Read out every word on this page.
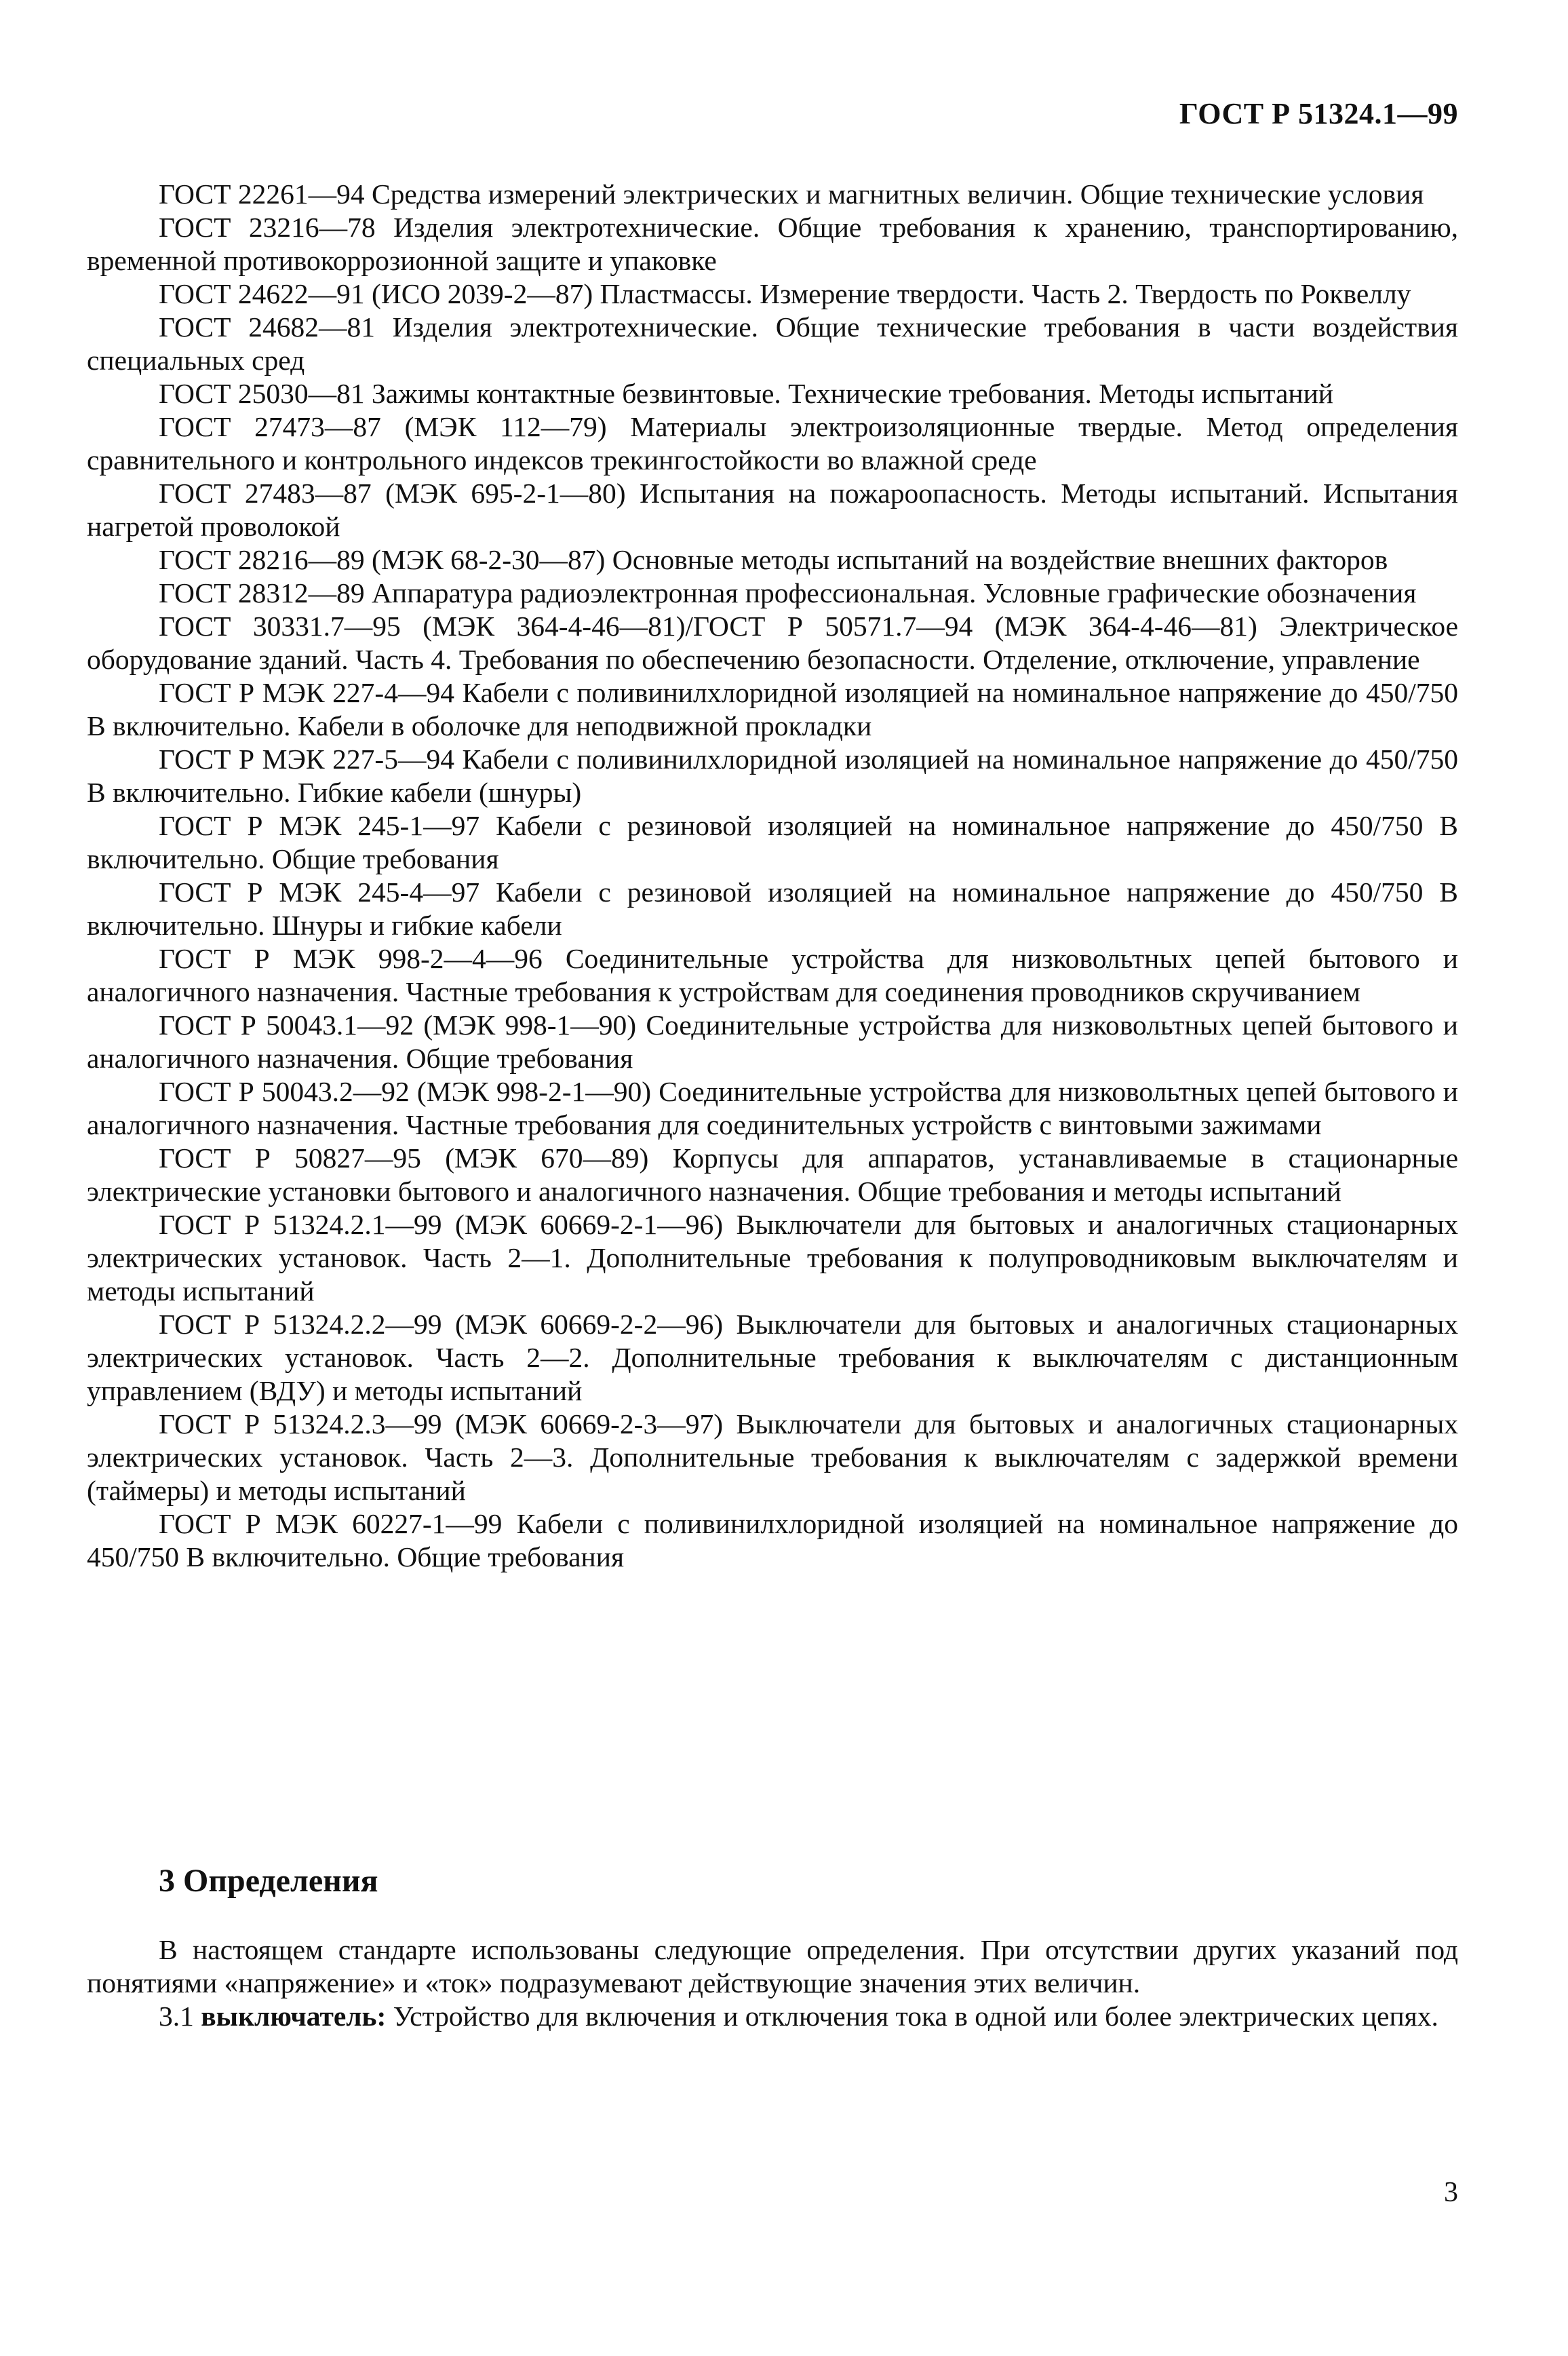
ГОСТ Р 51324.1—99

ГОСТ 22261—94 Средства измерений электрических и магнитных величин. Общие технические условия

ГОСТ 23216—78 Изделия электротехнические. Общие требования к хранению, транспортированию, временной противокоррозионной защите и упаковке

ГОСТ 24622—91 (ИСО 2039-2—87) Пластмассы. Измерение твердости. Часть 2. Твердость по Роквеллу

ГОСТ 24682—81 Изделия электротехнические. Общие технические требования в части воздействия специальных сред

ГОСТ 25030—81 Зажимы контактные безвинтовые. Технические требования. Методы испытаний

ГОСТ 27473—87 (МЭК 112—79) Материалы электроизоляционные твердые. Метод определения сравнительного и контрольного индексов трекингостойкости во влажной среде

ГОСТ 27483—87 (МЭК 695-2-1—80) Испытания на пожароопасность. Методы испытаний. Испытания нагретой проволокой

ГОСТ 28216—89 (МЭК 68-2-30—87) Основные методы испытаний на воздействие внешних факторов

ГОСТ 28312—89 Аппаратура радиоэлектронная профессиональная. Условные графические обозначения

ГОСТ 30331.7—95 (МЭК 364-4-46—81)/ГОСТ Р 50571.7—94 (МЭК 364-4-46—81) Электрическое оборудование зданий. Часть 4. Требования по обеспечению безопасности. Отделение, отключение, управление

ГОСТ Р МЭК 227-4—94 Кабели с поливинилхлоридной изоляцией на номинальное напряжение до 450/750 В включительно. Кабели в оболочке для неподвижной прокладки

ГОСТ Р МЭК 227-5—94 Кабели с поливинилхлоридной изоляцией на номинальное напряжение до 450/750 В включительно. Гибкие кабели (шнуры)

ГОСТ Р МЭК 245-1—97 Кабели с резиновой изоляцией на номинальное напряжение до 450/750 В включительно. Общие требования

ГОСТ Р МЭК 245-4—97 Кабели с резиновой изоляцией на номинальное напряжение до 450/750 В включительно. Шнуры и гибкие кабели

ГОСТ Р МЭК 998-2—4—96 Соединительные устройства для низковольтных цепей бытового и аналогичного назначения. Частные требования к устройствам для соединения проводников скручиванием

ГОСТ Р 50043.1—92 (МЭК 998-1—90) Соединительные устройства для низковольтных цепей бытового и аналогичного назначения. Общие требования

ГОСТ Р 50043.2—92 (МЭК 998-2-1—90) Соединительные устройства для низковольтных цепей бытового и аналогичного назначения. Частные требования для соединительных устройств с винтовыми зажимами

ГОСТ Р 50827—95 (МЭК 670—89) Корпусы для аппаратов, устанавливаемые в стационарные электрические установки бытового и аналогичного назначения. Общие требования и методы испытаний

ГОСТ Р 51324.2.1—99 (МЭК 60669-2-1—96) Выключатели для бытовых и аналогичных стационарных электрических установок. Часть 2—1. Дополнительные требования к полупроводниковым выключателям и методы испытаний

ГОСТ Р 51324.2.2—99 (МЭК 60669-2-2—96) Выключатели для бытовых и аналогичных стационарных электрических установок. Часть 2—2. Дополнительные требования к выключателям с дистанционным управлением (ВДУ) и методы испытаний

ГОСТ Р 51324.2.3—99 (МЭК 60669-2-3—97) Выключатели для бытовых и аналогичных стационарных электрических установок. Часть 2—3. Дополнительные требования к выключателям с задержкой времени (таймеры) и методы испытаний

ГОСТ Р МЭК 60227-1—99 Кабели с поливинилхлоридной изоляцией на номинальное напряжение до 450/750 В включительно. Общие требования

3 Определения

В настоящем стандарте использованы следующие определения. При отсутствии других указаний под понятиями «напряжение» и «ток» подразумевают действующие значения этих величин.

3.1 выключатель: Устройство для включения и отключения тока в одной или более электрических цепях.

3
